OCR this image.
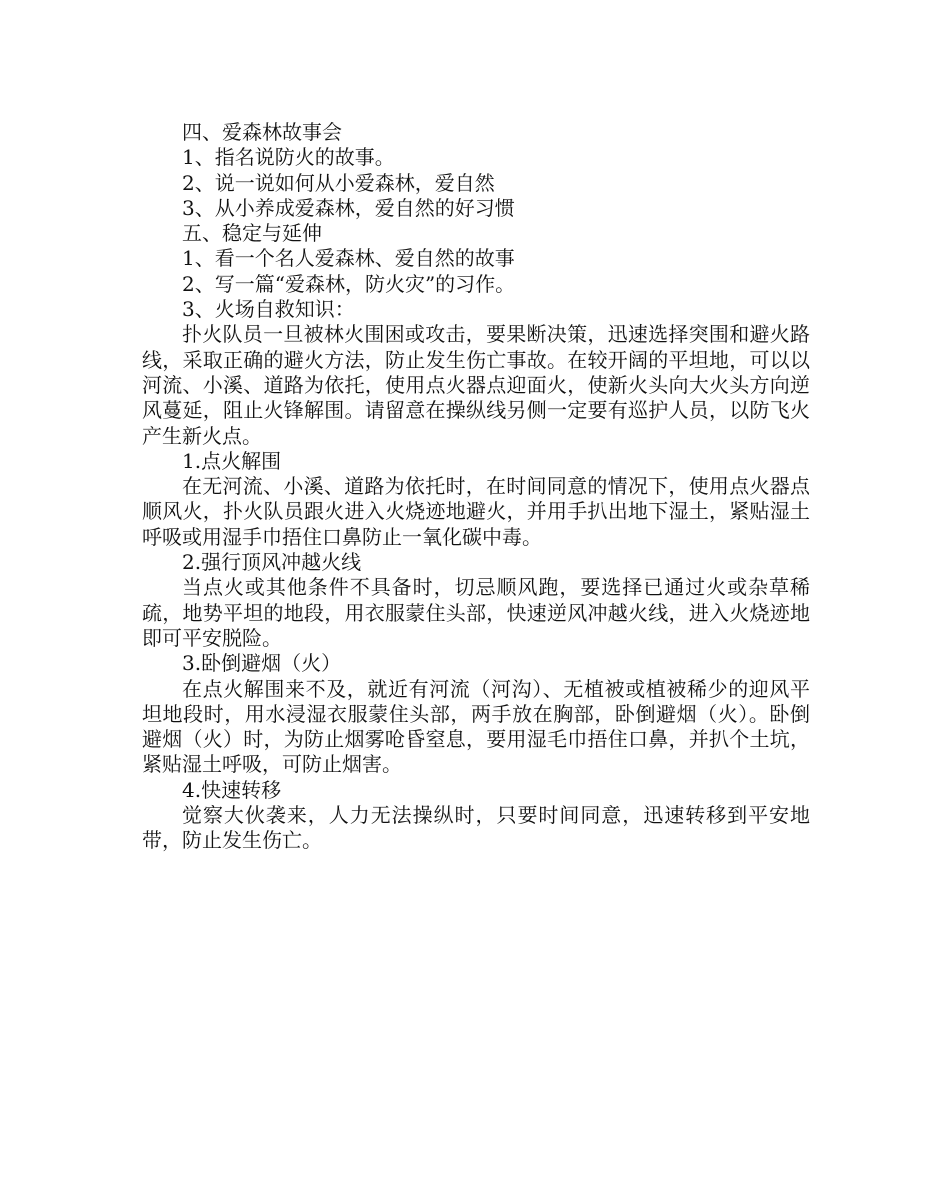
四、爱森林故事会

1、指名说防火的故事。

2、说一说如何从小爱森林，爱自然

3、从小养成爱森林，爱自然的好习惯

五、稳定与延伸

1、看一个名人爱森林、爱自然的故事

2、写一篇“爱森林，防火灾”的习作。

3、火场自救知识：

扑火队员一旦被林火围困或攻击，要果断决策，迅速选择突围和避火路 线，采取正确的避火方法，防止发生伤亡事故。在较开阔的平坦地，可以以河流、小溪、道路为依托，使用点火器点迎面火，使新火头向大火头方向逆风蔓延，阻止火锋解围。请留意在操纵线另侧一定要有巡护人员，以防飞火产生新火点。

1.点火解围

在无河流、小溪、道路为依托时，在时间同意的情况下，使用点火器点顺风火，扑火队员跟火进入火烧迹地避火，并用手扒出地下湿土，紧贴湿土呼吸或用湿手巾捂住口鼻防止一氧化碳中毒。

2.强行顶风冲越火线

当点火或其他条件不具备时，切忌顺风跑，要选择已通过火或杂草稀疏，地势平坦的地段，用衣服蒙住头部，快速逆风冲越火线，进入火烧迹地即可平安脱险。

3.卧倒避烟（火）

在点火解围来不及，就近有河流（河沟）、无植被或植被稀少的迎风平坦地段时，用水浸湿衣服蒙住头部，两手放在胸部，卧倒避烟（火）。卧倒避烟（火）时，为防止烟雾呛昏窒息，要用湿毛巾捂住口鼻，并扒个土坑，紧贴湿土呼吸，可防止烟害。

4.快速转移

觉察大伙袭来，人力无法操纵时，只要时间同意，迅速转移到平安地带，防止发生伤亡。
